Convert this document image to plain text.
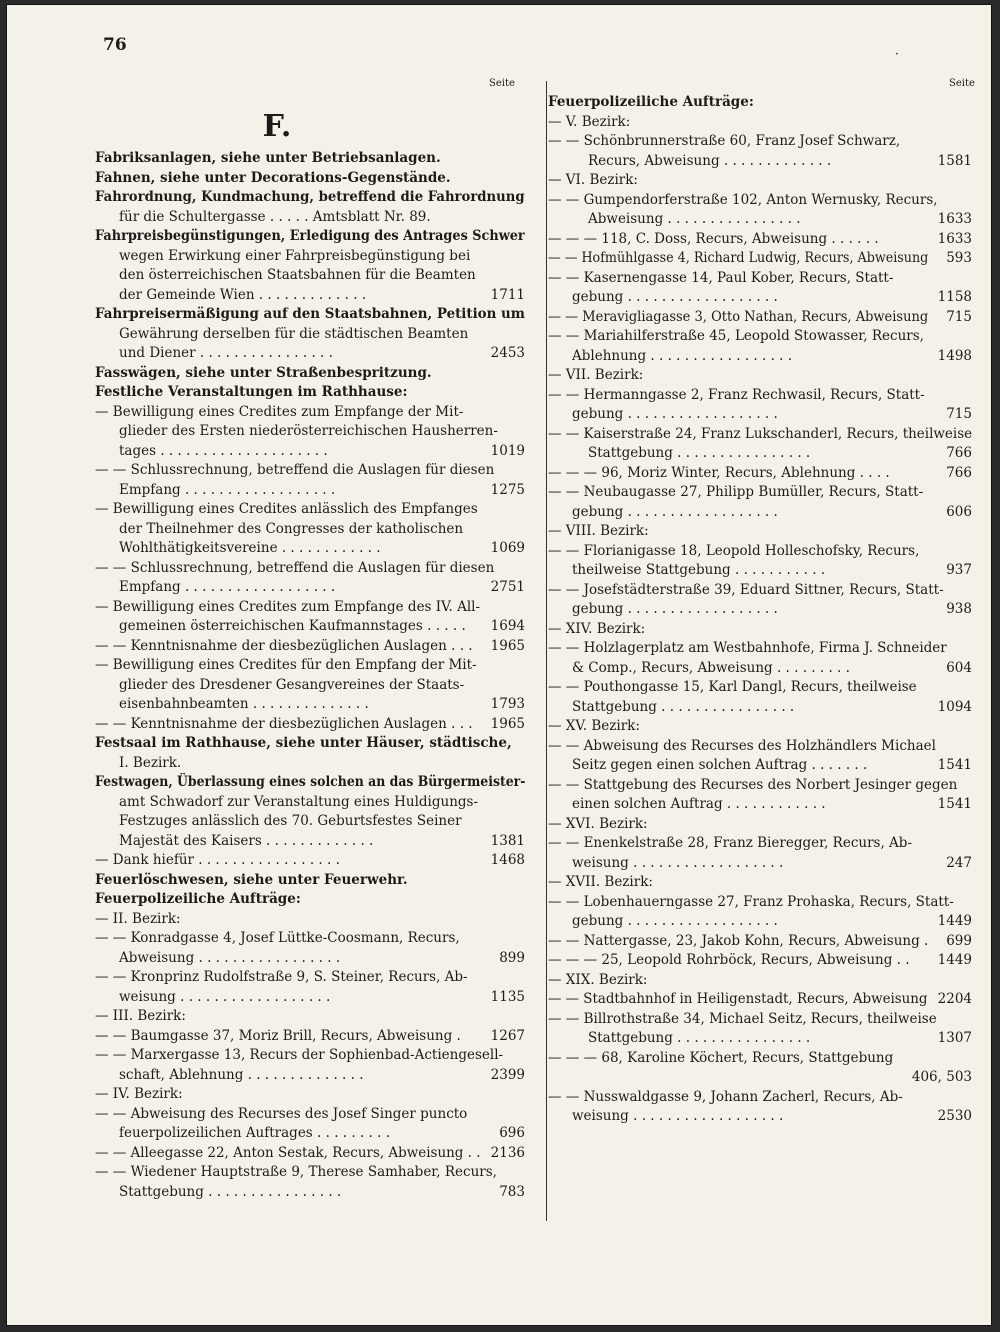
76	·
Seite	Seite
F.
Fabriksanlagen, siehe unter Betriebsanlagen.
Fahnen, siehe unter Decorations-Gegenstände.
Fahrordnung, Kundmachung, betreffend die Fahrordnung
für die Schultergasse . . . . . Amtsblatt Nr. 89.
Fahrpreisbegünstigungen, Erledigung des Antrages Schwer
wegen Erwirkung einer Fahrpreisbegünstigung bei
den österreichischen Staatsbahnen für die Beamten
der Gemeinde Wien . . . . . . . . . . . . .	1711
Fahrpreisermäßigung auf den Staatsbahnen, Petition um
Gewährung derselben für die städtischen Beamten
und Diener . . . . . . . . . . . . . . . .	2453
Fasswägen, siehe unter Straßenbespritzung.
Festliche Veranstaltungen im Rathhause:
— Bewilligung eines Credites zum Empfange der Mit-
glieder des Ersten niederösterreichischen Hausherren-
tages . . . . . . . . . . . . . . . . . . . .	1019
— — Schlussrechnung, betreffend die Auslagen für diesen
Empfang . . . . . . . . . . . . . . . . . .	1275
— Bewilligung eines Credites anlässlich des Empfanges
der Theilnehmer des Congresses der katholischen
Wohlthätigkeitsvereine . . . . . . . . . . . .	1069
— — Schlussrechnung, betreffend die Auslagen für diesen
Empfang . . . . . . . . . . . . . . . . . .	2751
— Bewilligung eines Credites zum Empfange des IV. All-
gemeinen österreichischen Kaufmannstages . . . . . 1694
— — Kenntnisnahme der diesbezüglichen Auslagen . . . 1965
— Bewilligung eines Credites für den Empfang der Mit-
glieder des Dresdener Gesangvereines der Staats-
eisenbahnbeamten . . . . . . . . . . . . . .	1793
— — Kenntnisnahme der diesbezüglichen Auslagen . . . 1965
Festsaal im Rathhause, siehe unter Häuser, städtische,
I. Bezirk.
Festwagen, Überlassung eines solchen an das Bürgermeister-
amt Schwadorf zur Veranstaltung eines Huldigungs-
Festzuges anlässlich des 70. Geburtsfestes Seiner
Majestät des Kaisers . . . . . . . . . . . . .	1381
— Dank hiefür . . . . . . . . . . . . . . . . .	1468
Feuerlöschwesen, siehe unter Feuerwehr.
Feuerpolizeiliche Aufträge:
— II. Bezirk:
— — Konradgasse 4, Josef Lüttke-Coosmann, Recurs,
Abweisung . . . . . . . . . . . . . . . . .	899
— — Kronprinz Rudolfstraße 9, S. Steiner, Recurs, Ab-
weisung . . . . . . . . . . . . . . . . . .	1135
— III. Bezirk:
— — Baumgasse 37, Moriz Brill, Recurs, Abweisung . 1267
— — Marxergasse 13, Recurs der Sophienbad-Actiengesell-
schaft, Ablehnung . . . . . . . . . . . . . .	2399
— IV. Bezirk:
— — Abweisung des Recurses des Josef Singer puncto
feuerpolizeilichen Auftrages . . . . . . . . .	696
— — Alleegasse 22, Anton Sestak, Recurs, Abweisung . . 2136
— — Wiedener Hauptstraße 9, Therese Samhaber, Recurs,
Stattgebung . . . . . . . . . . . . . . . .	783
Feuerpolizeiliche Aufträge:
— V. Bezirk:
— — Schönbrunnerstraße 60, Franz Josef Schwarz,
Recurs, Abweisung . . . . . . . . . . . . .	1581
— VI. Bezirk:
— — Gumpendorferstraße 102, Anton Wernusky, Recurs,
Abweisung . . . . . . . . . . . . . . . .	1633
— — — 118, C. Doss, Recurs, Abweisung . . . . . .	1633
— — Hofmühlgasse 4, Richard Ludwig, Recurs, Abweisung 593
— — Kasernengasse 14, Paul Kober, Recurs, Statt-
gebung . . . . . . . . . . . . . . . . . .	1158
— — Meravigliagasse 3, Otto Nathan, Recurs, Abweisung 715
— — Mariahilferstraße 45, Leopold Stowasser, Recurs,
Ablehnung . . . . . . . . . . . . . . . . .	1498
— VII. Bezirk:
— — Hermanngasse 2, Franz Rechwasil, Recurs, Statt-
gebung . . . . . . . . . . . . . . . . . .	715
— — Kaiserstraße 24, Franz Lukschanderl, Recurs, theilweise
Stattgebung . . . . . . . . . . . . . . . .	766
— — — 96, Moriz Winter, Recurs, Ablehnung . . . .	766
— — Neubaugasse 27, Philipp Bumüller, Recurs, Statt-
gebung . . . . . . . . . . . . . . . . . .	606
— VIII. Bezirk:
— — Florianigasse 18, Leopold Holleschofsky, Recurs,
theilweise Stattgebung . . . . . . . . . . .	937
— — Josefstädterstraße 39, Eduard Sittner, Recurs, Statt-
gebung . . . . . . . . . . . . . . . . . .	938
— XIV. Bezirk:
— — Holzlagerplatz am Westbahnhofe, Firma J. Schneider
& Comp., Recurs, Abweisung . . . . . . . . .	604
— — Pouthongasse 15, Karl Dangl, Recurs, theilweise
Stattgebung . . . . . . . . . . . . . . . .	1094
— XV. Bezirk:
— — Abweisung des Recurses des Holzhändlers Michael
Seitz gegen einen solchen Auftrag . . . . . . .	1541
— — Stattgebung des Recurses des Norbert Jesinger gegen
einen solchen Auftrag . . . . . . . . . . . .	1541
— XVI. Bezirk:
— — Enenkelstraße 28, Franz Bieregger, Recurs, Ab-
weisung . . . . . . . . . . . . . . . . . .	247
— XVII. Bezirk:
— — Lobenhauerngasse 27, Franz Prohaska, Recurs, Statt-
gebung . . . . . . . . . . . . . . . . . .	1449
— — Nattergasse, 23, Jakob Kohn, Recurs, Abweisung . 699
— — — 25, Leopold Rohrböck, Recurs, Abweisung . . 1449
— XIX. Bezirk:
— — Stadtbahnhof in Heiligenstadt, Recurs, Abweisung 2204
— — Billrothstraße 34, Michael Seitz, Recurs, theilweise
Stattgebung . . . . . . . . . . . . . . . .	1307
— — — 68, Karoline Köchert, Recurs, Stattgebung
406, 503
— — Nusswaldgasse 9, Johann Zacherl, Recurs, Ab-
weisung . . . . . . . . . . . . . . . . . .	2530
